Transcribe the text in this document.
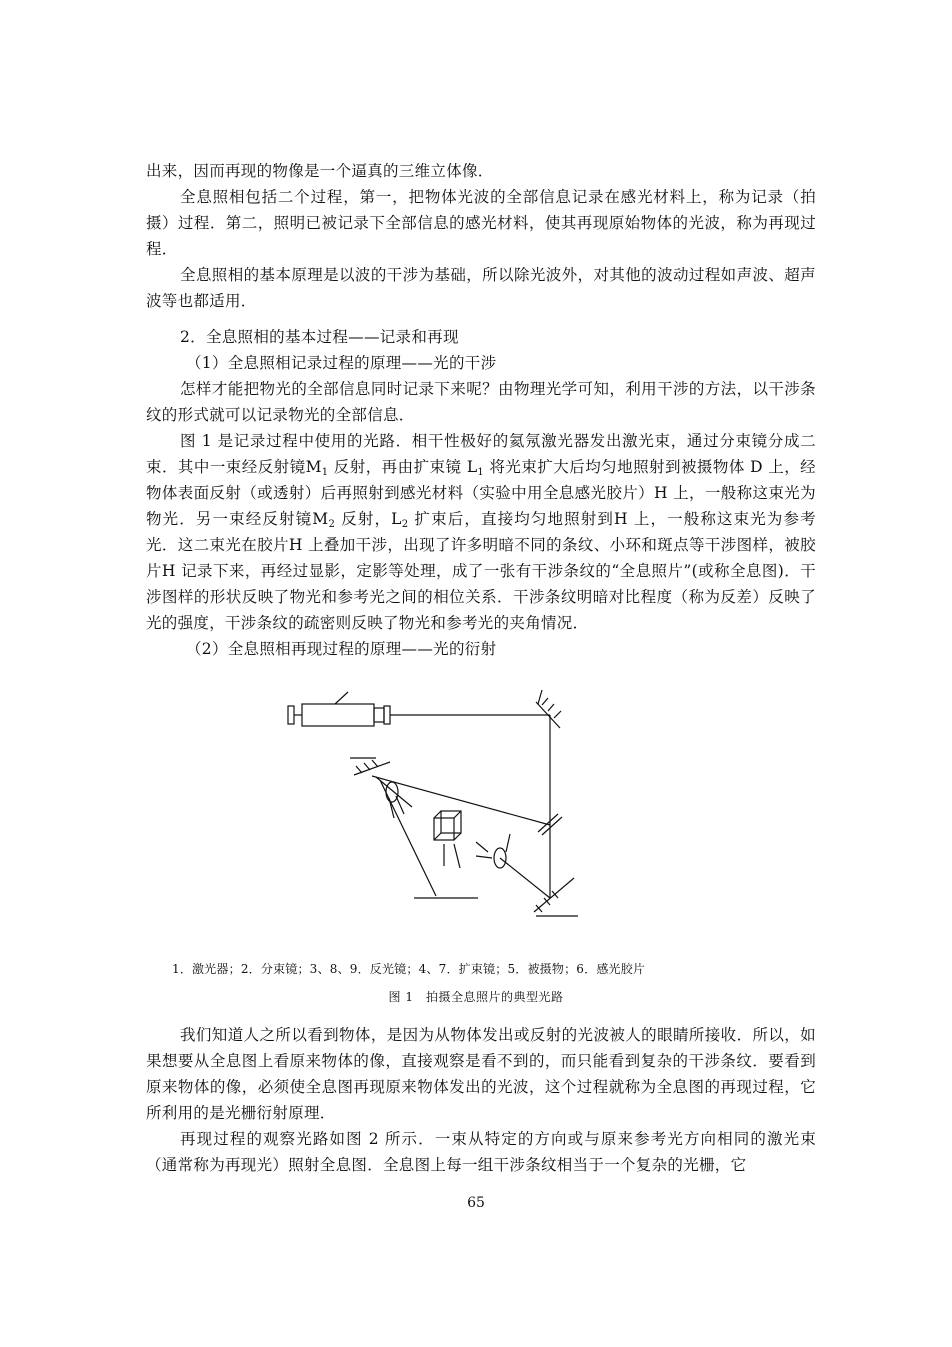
出来，因而再现的物像是一个逼真的三维立体像．

全息照相包括二个过程，第一，把物体光波的全部信息记录在感光材料上，称为记录（拍摄）过程．第二，照明已被记录下全部信息的感光材料，使其再现原始物体的光波，称为再现过程．

全息照相的基本原理是以波的干涉为基础，所以除光波外，对其他的波动过程如声波、超声波等也都适用．

2．全息照相的基本过程——记录和再现

（1）全息照相记录过程的原理——光的干涉

怎样才能把物光的全部信息同时记录下来呢？由物理光学可知，利用干涉的方法，以干涉条纹的形式就可以记录物光的全部信息．

图 1 是记录过程中使用的光路．相干性极好的氦氖激光器发出激光束，通过分束镜分成二束．其中一束经反射镜$M_1$ 反射，再由扩束镜 $L_1$ 将光束扩大后均匀地照射到被摄物体 D 上，经物体表面反射（或透射）后再照射到感光材料（实验中用全息感光胶片）H 上，一般称这束光为物光．另一束经反射镜$M_2$ 反射，$L_2$ 扩束后，直接均匀地照射到H 上，一般称这束光为参考光．这二束光在胶片H 上叠加干涉，出现了许多明暗不同的条纹、小环和斑点等干涉图样，被胶片H 记录下来，再经过显影，定影等处理，成了一张有干涉条纹的“全息照片”(或称全息图)．干涉图样的形状反映了物光和参考光之间的相位关系．干涉条纹明暗对比程度（称为反差）反映了光的强度，干涉条纹的疏密则反映了物光和参考光的夹角情况．

（2）全息照相再现过程的原理——光的衍射

1．激光器；2．分束镜；3、8、9．反光镜；4、7．扩束镜；5．被摄物；6．感光胶片
图 1　拍摄全息照片的典型光路

我们知道人之所以看到物体，是因为从物体发出或反射的光波被人的眼睛所接收．所以，如果想要从全息图上看原来物体的像，直接观察是看不到的，而只能看到复杂的干涉条纹．要看到原来物体的像，必须使全息图再现原来物体发出的光波，这个过程就称为全息图的再现过程，它所利用的是光栅衍射原理．

再现过程的观察光路如图 2 所示．一束从特定的方向或与原来参考光方向相同的激光束（通常称为再现光）照射全息图．全息图上每一组干涉条纹相当于一个复杂的光栅，它

65
